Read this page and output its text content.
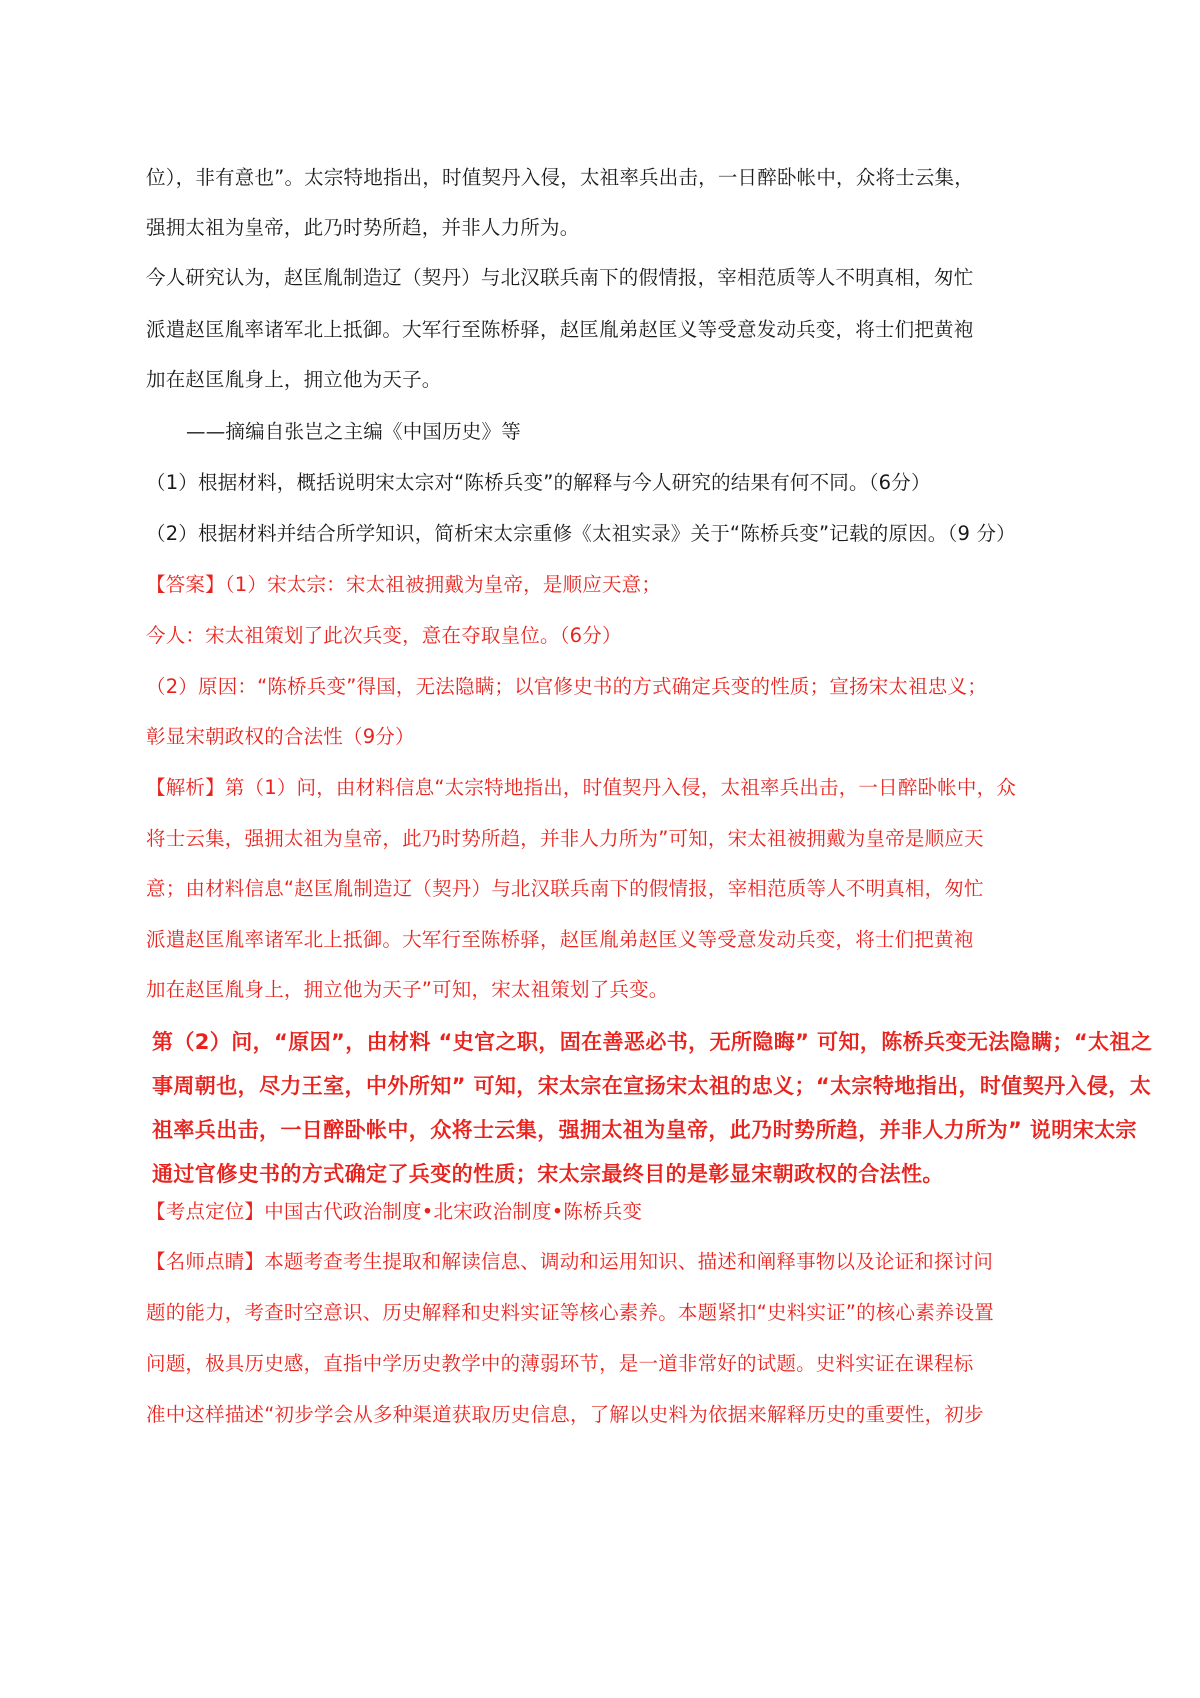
位），非有意也”。太宗特地指出，时值契丹入侵，太祖率兵出击，一日醉卧帐中，众将士云集，
强拥太祖为皇帝，此乃时势所趋，并非人力所为。
今人研究认为，赵匡胤制造辽（契丹）与北汉联兵南下的假情报，宰相范质等人不明真相，匆忙
派遣赵匡胤率诸军北上抵御。大军行至陈桥驿，赵匡胤弟赵匡义等受意发动兵变，将士们把黄袍
加在赵匡胤身上，拥立他为天子。
——摘编自张岂之主编《中国历史》等
（1）根据材料，概括说明宋太宗对“陈桥兵变”的解释与今人研究的结果有何不同。（6分）
（2）根据材料并结合所学知识，简析宋太宗重修《太祖实录》关于“陈桥兵变”记载的原因。（9 分）
【答案】（1）宋太宗：宋太祖被拥戴为皇帝，是顺应天意；
今人：宋太祖策划了此次兵变，意在夺取皇位。（6分）
（2）原因：“陈桥兵变”得国，无法隐瞒；以官修史书的方式确定兵变的性质；宣扬宋太祖忠义；
彰显宋朝政权的合法性（9分）
【解析】第（1）问，由材料信息“太宗特地指出，时值契丹入侵，太祖率兵出击，一日醉卧帐中，众
将士云集，强拥太祖为皇帝，此乃时势所趋，并非人力所为”可知，宋太祖被拥戴为皇帝是顺应天
意；由材料信息“赵匡胤制造辽（契丹）与北汉联兵南下的假情报，宰相范质等人不明真相，匆忙
派遣赵匡胤率诸军北上抵御。大军行至陈桥驿，赵匡胤弟赵匡义等受意发动兵变，将士们把黄袍
加在赵匡胤身上，拥立他为天子”可知，宋太祖策划了兵变。
第（2）问，“原因”，由材料 “史官之职，固在善恶必书，无所隐晦” 可知，陈桥兵变无法隐瞒；“太祖之
事周朝也，尽力王室，中外所知” 可知，宋太宗在宣扬宋太祖的忠义；“太宗特地指出，时值契丹入侵，太
祖率兵出击，一日醉卧帐中，众将士云集，强拥太祖为皇帝，此乃时势所趋，并非人力所为” 说明宋太宗
通过官修史书的方式确定了兵变的性质；宋太宗最终目的是彰显宋朝政权的合法性。
【考点定位】中国古代政治制度•北宋政治制度•陈桥兵变
【名师点睛】本题考查考生提取和解读信息、调动和运用知识、描述和阐释事物以及论证和探讨问
题的能力，考查时空意识、历史解释和史料实证等核心素养。本题紧扣“史料实证”的核心素养设置
问题，极具历史感，直指中学历史教学中的薄弱环节，是一道非常好的试题。史料实证在课程标
准中这样描述“初步学会从多种渠道获取历史信息，了解以史料为依据来解释历史的重要性，初步
